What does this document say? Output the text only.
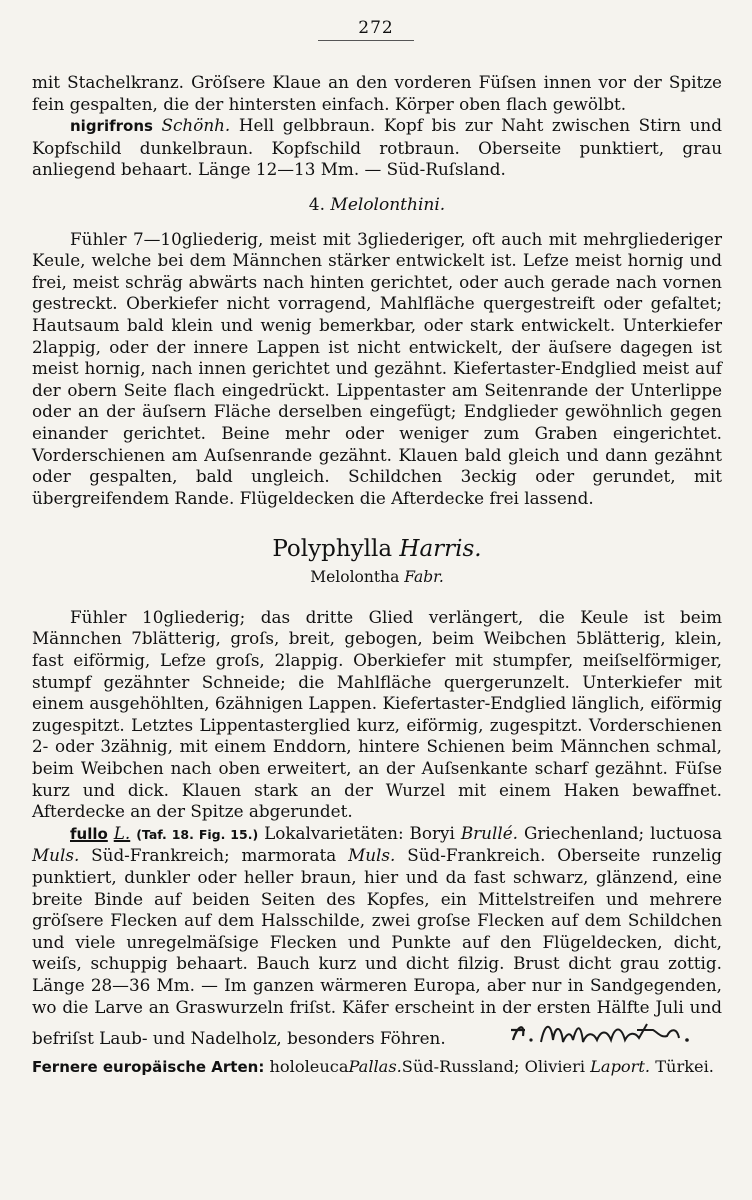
272

mit Stachelkranz. Gröſsere Klaue an den vorderen Füſsen innen vor der Spitze fein gespalten, die der hintersten einfach. Körper oben flach gewölbt.

nigrifrons Schönh. Hell gelbbraun. Kopf bis zur Naht zwischen Stirn und Kopfschild dunkelbraun. Kopfschild rotbraun. Oberseite punktiert, grau anliegend behaart. Länge 12—13 Mm. — Süd-Ruſsland.

4. Melolonthini.

Fühler 7—10gliederig, meist mit 3gliederiger, oft auch mit mehrgliederiger Keule, welche bei dem Männchen stärker entwickelt ist. Lefze meist hornig und frei, meist schräg abwärts nach hinten gerichtet, oder auch gerade nach vornen gestreckt. Oberkiefer nicht vorragend, Mahlfläche quergestreift oder gefaltet; Hautsaum bald klein und wenig bemerkbar, oder stark entwickelt. Unterkiefer 2lappig, oder der innere Lappen ist nicht entwickelt, der äuſsere dagegen ist meist hornig, nach innen gerichtet und gezähnt. Kiefertaster-Endglied meist auf der obern Seite flach eingedrückt. Lippentaster am Seitenrande der Unterlippe oder an der äuſsern Fläche derselben eingefügt; Endglieder gewöhnlich gegen einander gerichtet. Beine mehr oder weniger zum Graben eingerichtet. Vorderschienen am Auſsenrande gezähnt. Klauen bald gleich und dann gezähnt oder gespalten, bald ungleich. Schildchen 3eckig oder gerundet, mit übergreifendem Rande. Flügeldecken die Afterdecke frei lassend.

Polyphylla Harris.
Melolontha Fabr.

Fühler 10gliederig; das dritte Glied verlängert, die Keule ist beim Männchen 7blätterig, groſs, breit, gebogen, beim Weibchen 5blätterig, klein, fast eiförmig, Lefze groſs, 2lappig. Oberkiefer mit stumpfer, meiſselförmiger, stumpf gezähnter Schneide; die Mahlfläche quergerunzelt. Unterkiefer mit einem ausgehöhlten, 6zähnigen Lappen. Kiefertaster-Endglied länglich, eiförmig zugespitzt. Letztes Lippentasterglied kurz, eiförmig, zugespitzt. Vorderschienen 2- oder 3zähnig, mit einem Enddorn, hintere Schienen beim Männchen schmal, beim Weibchen nach oben erweitert, an der Auſsenkante scharf gezähnt. Füſse kurz und dick. Klauen stark an der Wurzel mit einem Haken bewaffnet. Afterdecke an der Spitze abgerundet.

fullo L. (Taf. 18. Fig. 15.) Lokalvarietäten: Boryi Brullé. Griechenland; luctuosa Muls. Süd-Frankreich; marmorata Muls. Süd-Frankreich. Oberseite runzelig punktiert, dunkler oder heller braun, hier und da fast schwarz, glänzend, eine breite Binde auf beiden Seiten des Kopfes, ein Mittelstreifen und mehrere gröſsere Flecken auf dem Halsschilde, zwei groſse Flecken auf dem Schildchen und viele unregelmäſsige Flecken und Punkte auf den Flügeldecken, dicht, weiſs, schuppig behaart. Bauch kurz und dicht filzig. Brust dicht grau zottig. Länge 28—36 Mm. — Im ganzen wärmeren Europa, aber nur in Sandgegenden, wo die Larve an Graswurzeln friſst. Käfer erscheint in der ersten Hälfte Juli und befriſst Laub- und Nadelholz, besonders Föhren.

Fernere europäische Arten: hololeucaPallas.Süd-Russland; Olivieri Laport. Türkei.
